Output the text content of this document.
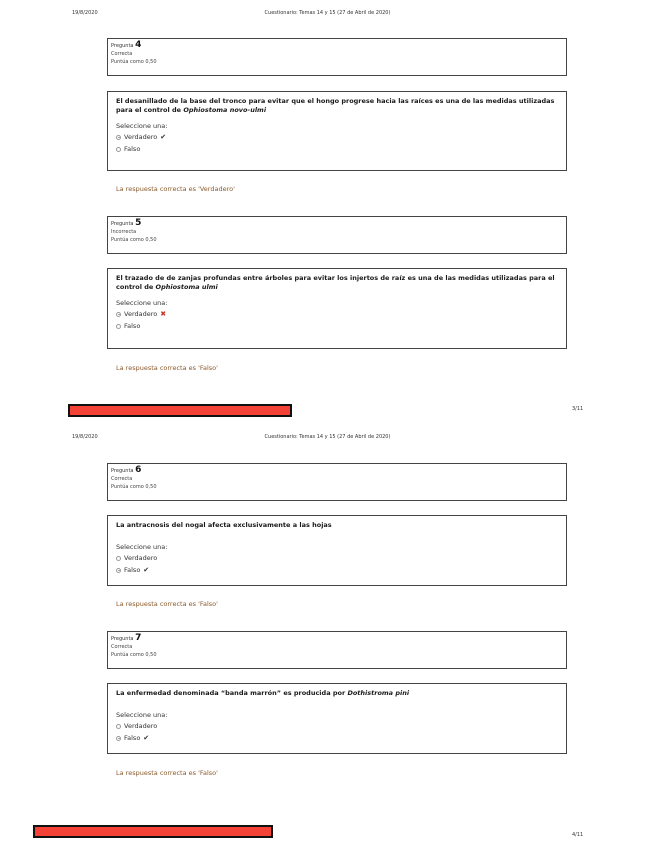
19/8/2020	Cuestionario: Temas 14 y 15 (27 de Abril de 2020)
Pregunta 4
Correcta
Puntúa como 0,50
El desanillado de la base del tronco para evitar que el hongo progrese hacia las raíces es una de las medidas utilizadas para el control de Ophiostoma novo-ulmi
Seleccione una:
Verdadero ✔
Falso
La respuesta correcta es 'Verdadero'
Pregunta 5
Incorrecta
Puntúa como 0,50
El trazado de de zanjas profundas entre árboles para evitar los injertos de raíz es una de las medidas utilizadas para el control de Ophiostoma ulmi
Seleccione una:
Verdadero ✖
Falso
La respuesta correcta es 'Falso'
3/11
19/8/2020	Cuestionario: Temas 14 y 15 (27 de Abril de 2020)
Pregunta 6
Correcta
Puntúa como 0,50
La antracnosis del nogal afecta exclusivamente a las hojas
Seleccione una:
Verdadero
Falso ✔
La respuesta correcta es 'Falso'
Pregunta 7
Correcta
Puntúa como 0,50
La enfermedad denominada “banda marrón” es producida por Dothistroma pini
Seleccione una:
Verdadero
Falso ✔
La respuesta correcta es 'Falso'
4/11
